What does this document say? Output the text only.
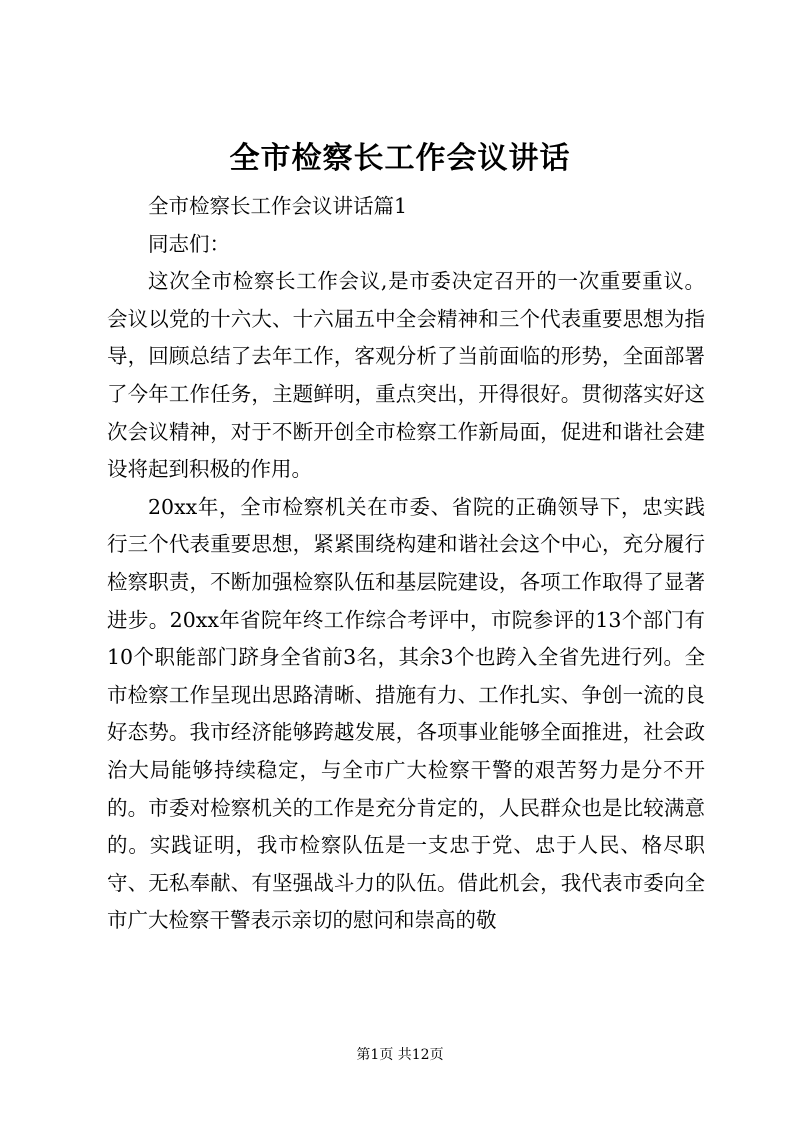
全市检察长工作会议讲话

全市检察长工作会议讲话篇1

同志们：

这次全市检察长工作会议,是市委决定召开的一次重要重议。会议以党的十六大、十六届五中全会精神和三个代表重要思想为指导，回顾总结了去年工作，客观分析了当前面临的形势，全面部署了今年工作任务，主题鲜明，重点突出，开得很好。贯彻落实好这次会议精神，对于不断开创全市检察工作新局面，促进和谐社会建设将起到积极的作用。

20xx年，全市检察机关在市委、省院的正确领导下，忠实践行三个代表重要思想，紧紧围绕构建和谐社会这个中心，充分履行检察职责，不断加强检察队伍和基层院建设，各项工作取得了显著进步。20xx年省院年终工作综合考评中，市院参评的13个部门有10个职能部门跻身全省前3名，其余3个也跨入全省先进行列。全市检察工作呈现出思路清晰、措施有力、工作扎实、争创一流的良好态势。我市经济能够跨越发展，各项事业能够全面推进，社会政治大局能够持续稳定，与全市广大检察干警的艰苦努力是分不开的。市委对检察机关的工作是充分肯定的，人民群众也是比较满意的。实践证明，我市检察队伍是一支忠于党、忠于人民、格尽职守、无私奉献、有坚强战斗力的队伍。借此机会，我代表市委向全市广大检察干警表示亲切的慰问和崇高的敬

第1页 共12页
